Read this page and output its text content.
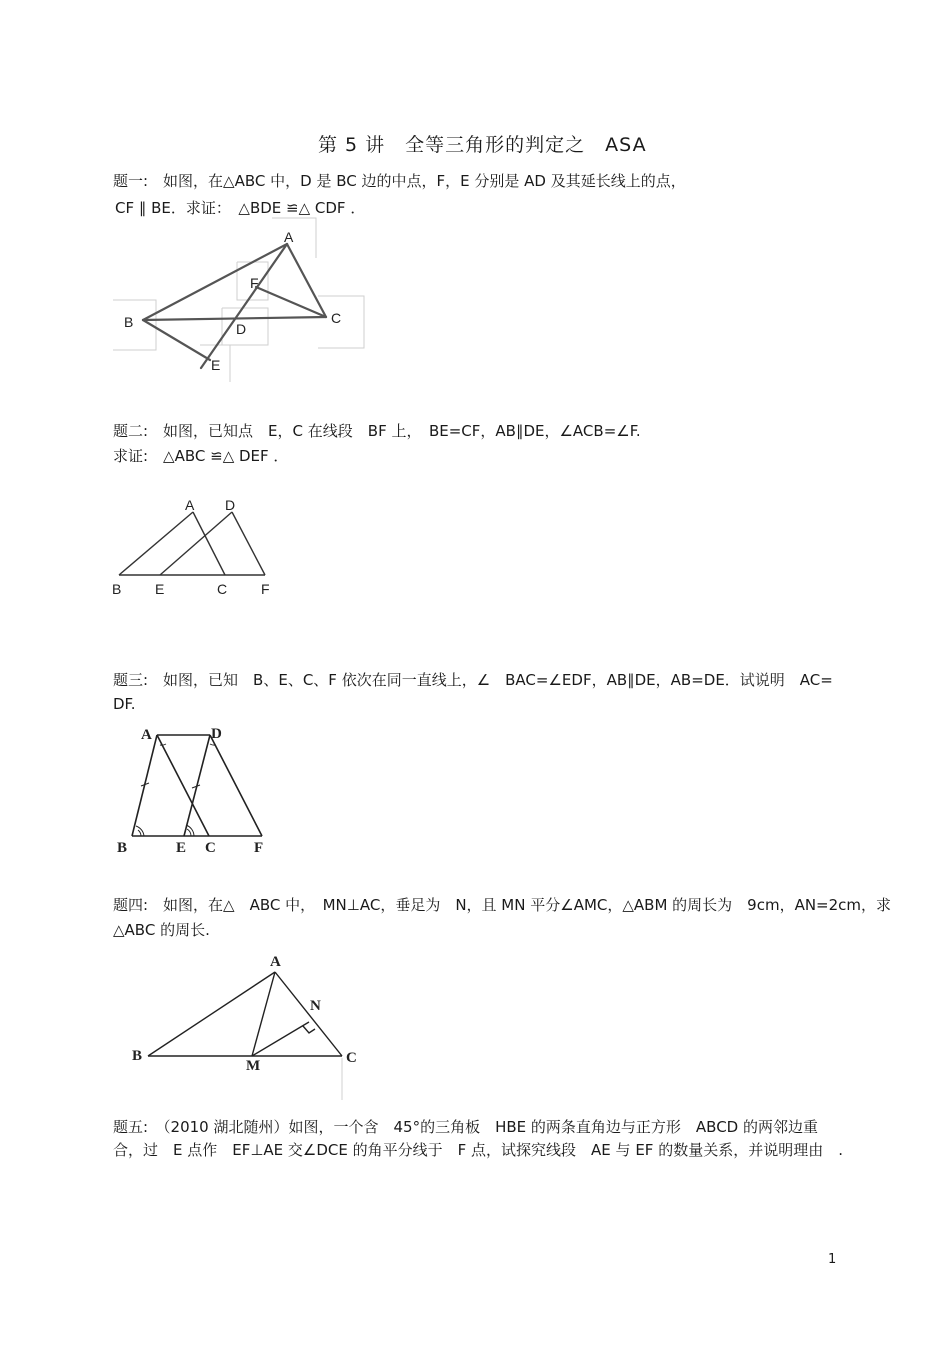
第 5 讲　全等三角形的判定之　ASA
题一:　如图，在△ABC 中，D 是 BC 边的中点，F，E 分别是 AD 及其延长线上的点，
CF ∥ BE．求证：　△BDE ≌△ CDF ．
A
B	C
D
E
F
题二:　如图，已知点　E，C 在线段　BF 上，　BE=CF，AB∥DE，∠ACB=∠F.
求证:　△ABC ≌△ DEF ．
A D
B E	C F
题三:　如图，已知　B、E、C、F 依次在同一直线上，∠　BAC=∠EDF，AB∥DE，AB=DE．试说明　AC=
DF.
A	D
B	E C	F
题四:　如图，在△　ABC 中，　MN⊥AC，垂足为　N，且 MN 平分∠AMC，△ABM 的周长为　9cm，AN=2cm，求
△ABC 的周长.
A
N
B	C
M
题五:　（2010 湖北随州）如图，一个含　45°的三角板　HBE 的两条直角边与正方形　ABCD 的两邻边重
合，过　E 点作　EF⊥AE 交∠DCE 的角平分线于　F 点，试探究线段　AE 与 EF 的数量关系，并说明理由　.
1
